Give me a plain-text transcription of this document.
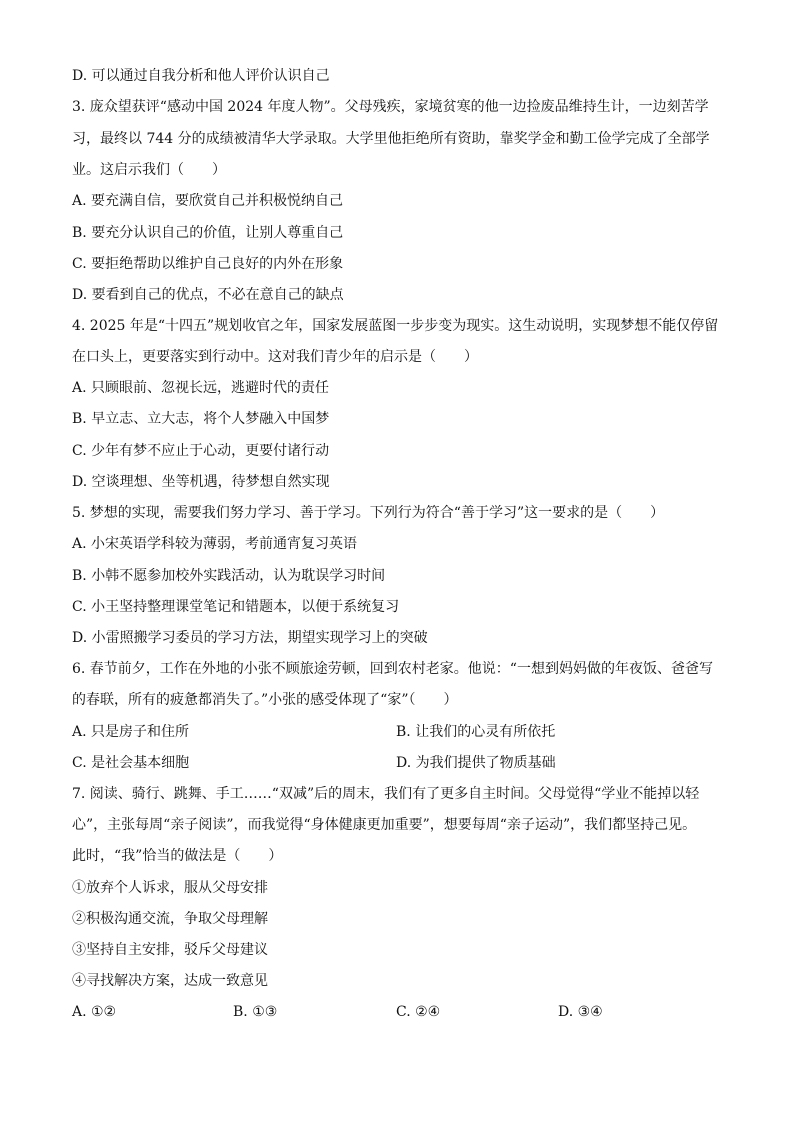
D. 可以通过自我分析和他人评价认识自己
3. 庞众望获评“感动中国 2024 年度人物”。父母残疾，家境贫寒的他一边捡废品维持生计，一边刻苦学
习，最终以 744 分的成绩被清华大学录取。大学里他拒绝所有资助，靠奖学金和勤工俭学完成了全部学
业。这启示我们（　　）
A. 要充满自信，要欣赏自己并积极悦纳自己
B. 要充分认识自己的价值，让别人尊重自己
C. 要拒绝帮助以维护自己良好的内外在形象
D. 要看到自己的优点，不必在意自己的缺点
4. 2025 年是“十四五”规划收官之年，国家发展蓝图一步步变为现实。这生动说明，实现梦想不能仅停留
在口头上，更要落实到行动中。这对我们青少年的启示是（　　）
A. 只顾眼前、忽视长远，逃避时代的责任
B. 早立志、立大志，将个人梦融入中国梦
C. 少年有梦不应止于心动，更要付诸行动
D. 空谈理想、坐等机遇，待梦想自然实现
5. 梦想的实现，需要我们努力学习、善于学习。下列行为符合“善于学习”这一要求的是（　　）
A. 小宋英语学科较为薄弱，考前通宵复习英语
B. 小韩不愿参加校外实践活动，认为耽误学习时间
C. 小王坚持整理课堂笔记和错题本，以便于系统复习
D. 小雷照搬学习委员的学习方法，期望实现学习上的突破
6. 春节前夕，工作在外地的小张不顾旅途劳顿，回到农村老家。他说：“一想到妈妈做的年夜饭、爸爸写
的春联，所有的疲惫都消失了。”小张的感受体现了“家”（　　）
A. 只是房子和住所	B. 让我们的心灵有所依托
C. 是社会基本细胞	D. 为我们提供了物质基础
7. 阅读、骑行、跳舞、手工……“双减”后的周末，我们有了更多自主时间。父母觉得“学业不能掉以轻
心”，主张每周“亲子阅读”，而我觉得“身体健康更加重要”，想要每周“亲子运动”，我们都坚持己见。
此时，“我”恰当的做法是（　　）
①放弃个人诉求，服从父母安排
②积极沟通交流，争取父母理解
③坚持自主安排，驳斥父母建议
④寻找解决方案，达成一致意见
A. ①②	B. ①③	C. ②④	D. ③④
